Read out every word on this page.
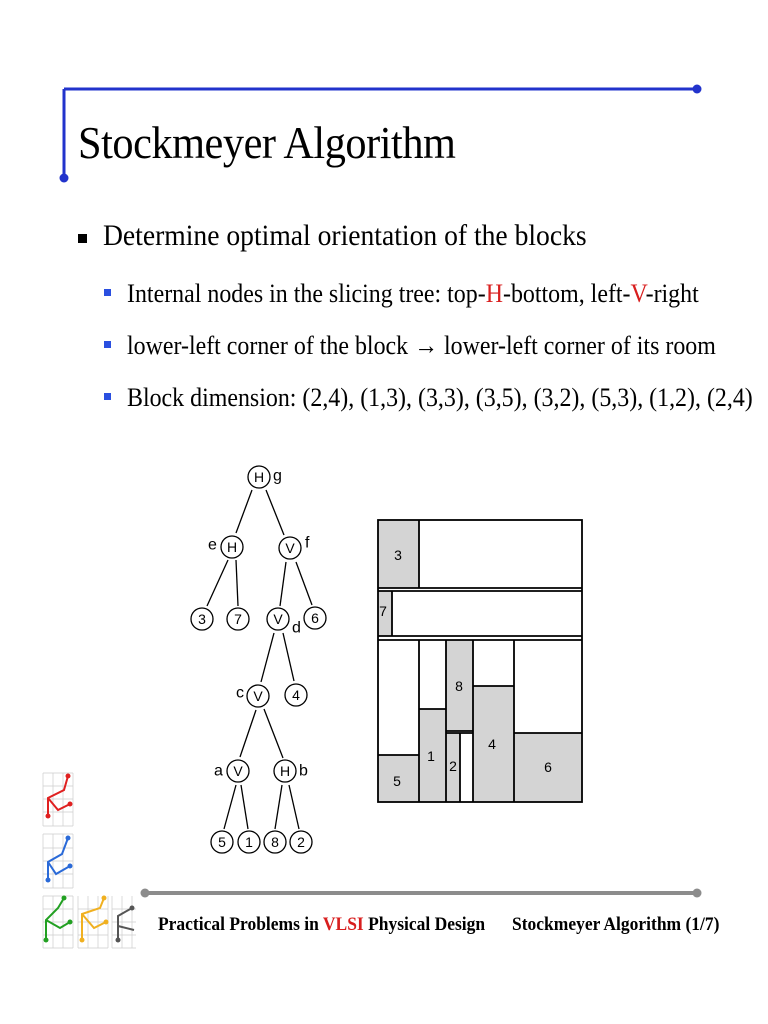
Stockmeyer Algorithm
Determine optimal orientation of the blocks
Internal nodes in the slicing tree: top-H-bottom, left-V-right
lower-left corner of the block → lower-left corner of its room
Block dimension: (2,4), (1,3), (3,3), (3,5), (3,2), (5,3), (1,2), (2,4)
H
H	V
3 7 V 6
V 4
V	H
5 1 8 2
g
e	f
d
c
a	b
3
7
8
1
2
4
5
6
Practical Problems in VLSI Physical Design Stockmeyer Algorithm (1/7)
